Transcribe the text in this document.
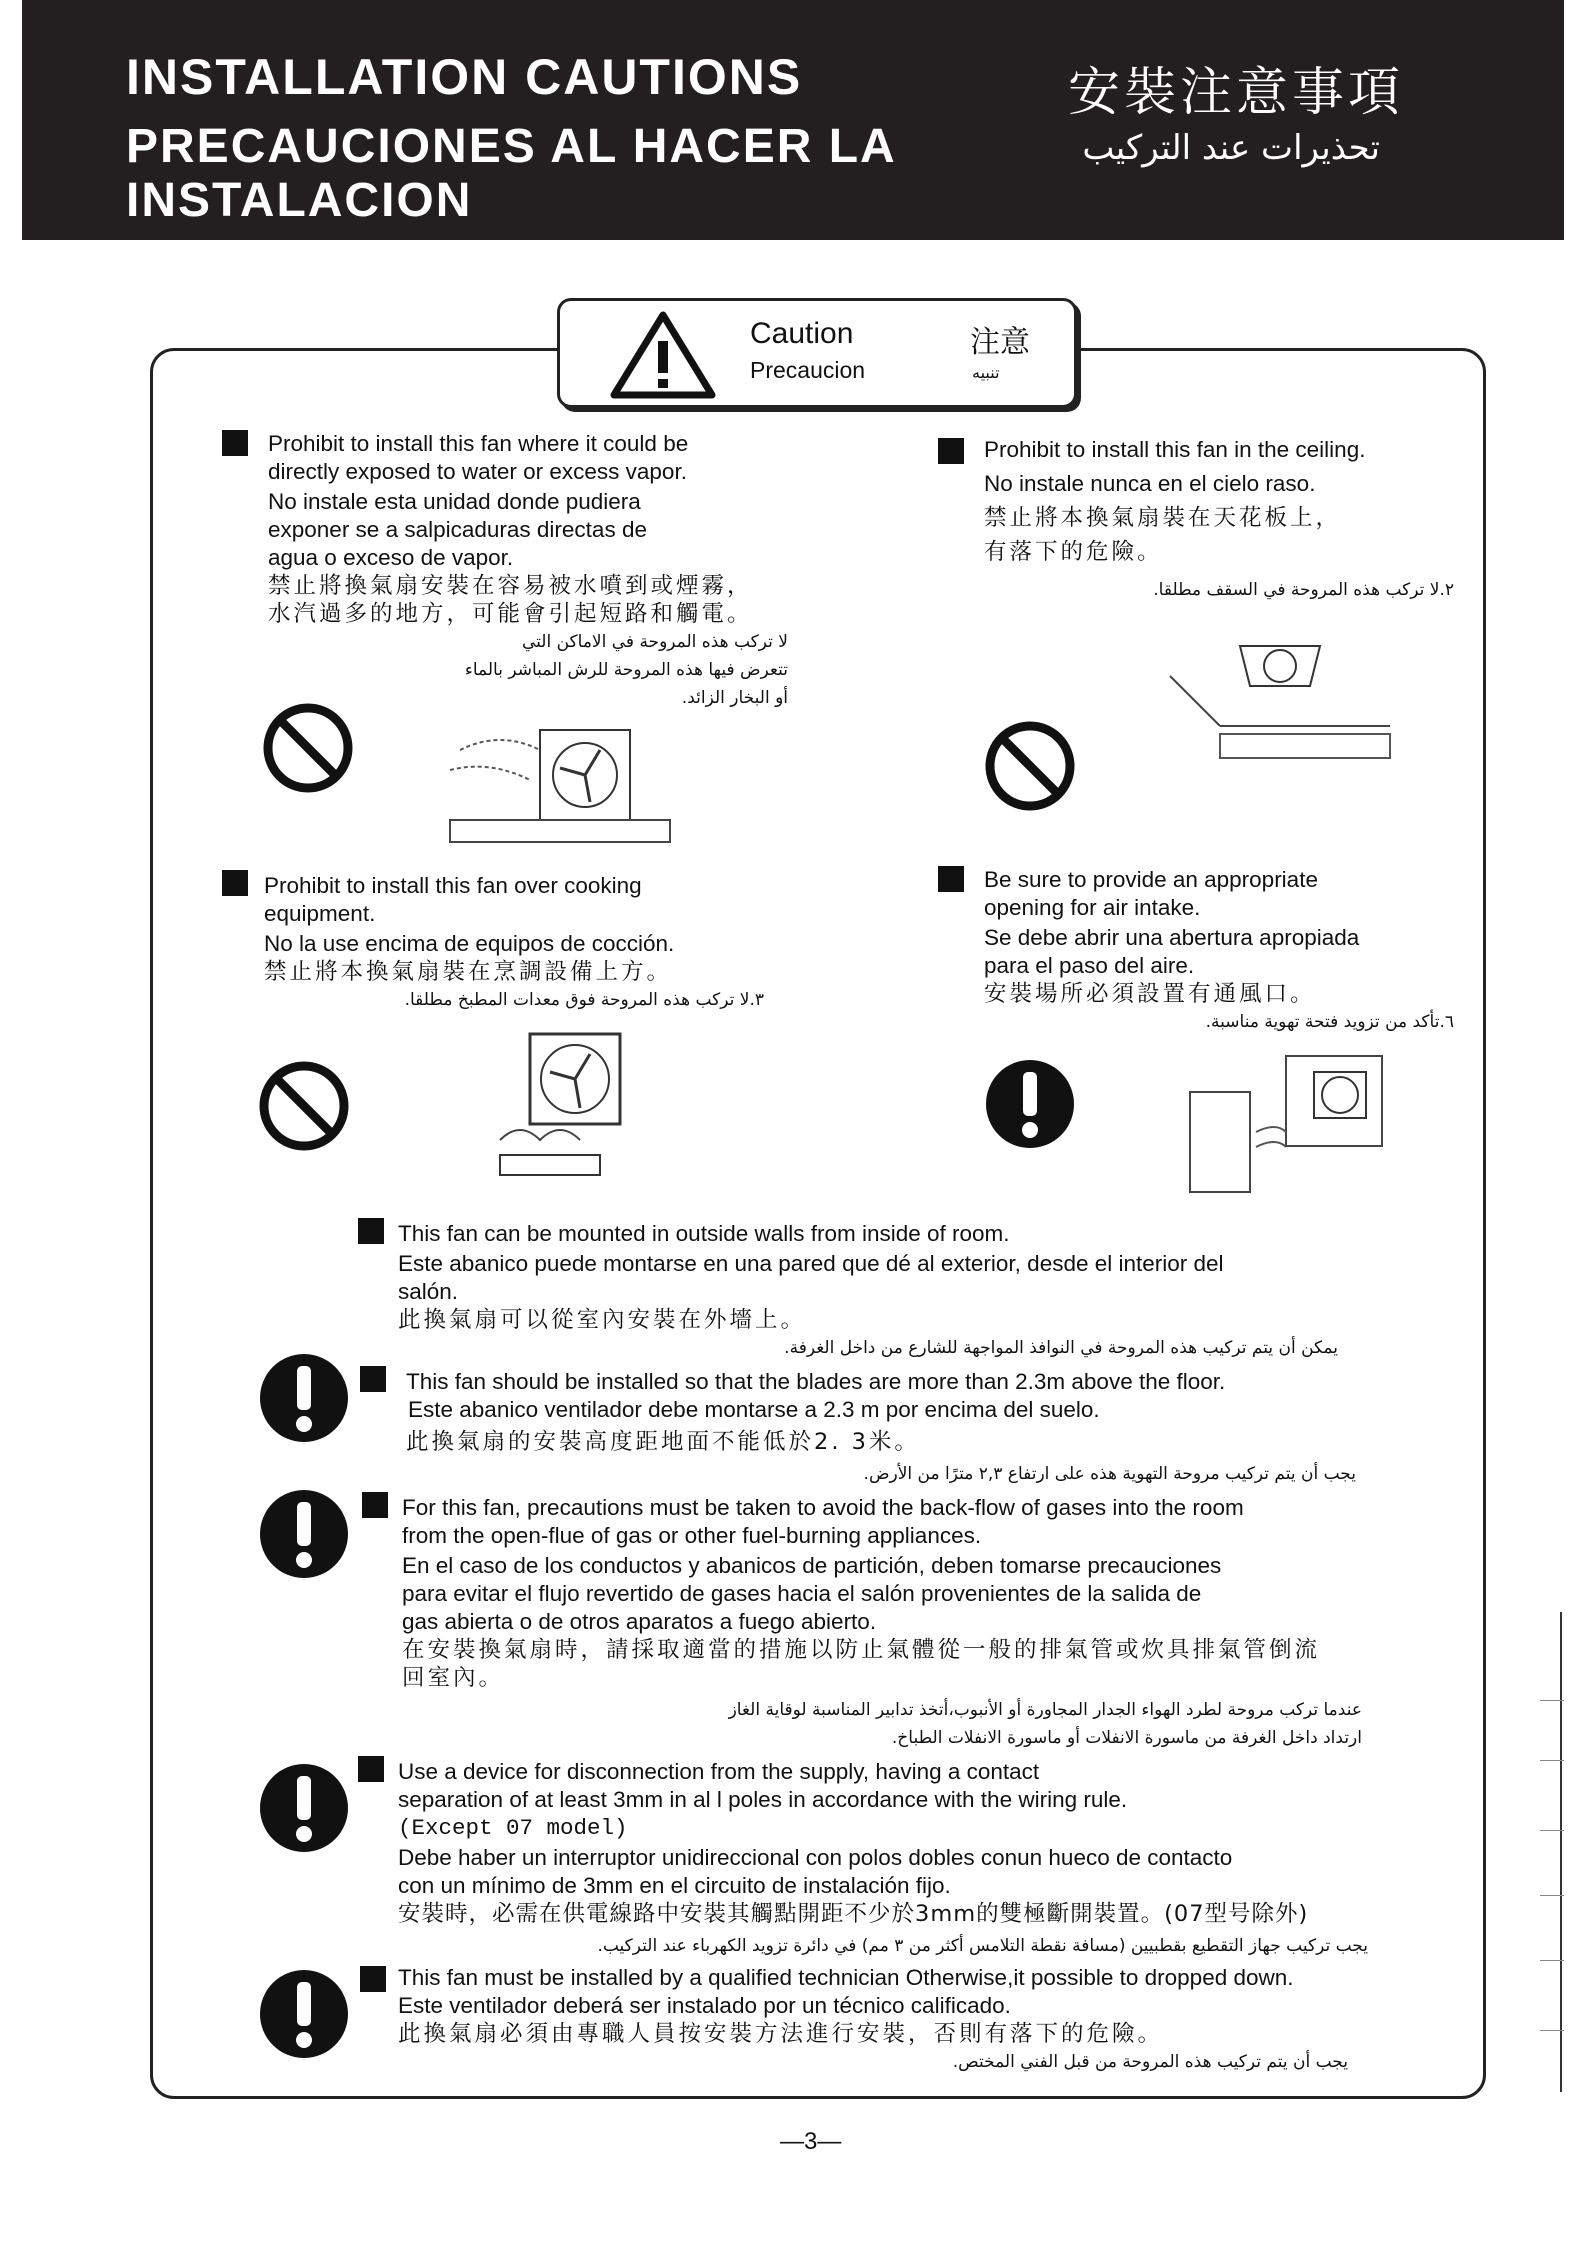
INSTALLATION CAUTIONS
PRECAUCIONES AL HACER LA INSTALACION
安裝注意事項
تحذيرات عند التركيب
Caution
Precaucion
注意
تنبيه
Prohibit to install this fan where it could be
directly exposed to water or excess vapor.
No instale esta unidad donde pudiera
exponer se a salpicaduras directas de
agua o exceso de vapor.
禁止將換氣扇安裝在容易被水噴到或煙霧，
水汽過多的地方，可能會引起短路和觸電。
لا تركب هذه المروحة في الاماكن التي
تتعرض فيها هذه المروحة للرش المباشر بالماء
أو البخار الزائد.
Prohibit to install this fan in the ceiling.
No instale nunca en el cielo raso.
禁止將本換氣扇裝在天花板上，
有落下的危險。
٢.لا تركب هذه المروحة في السقف مطلقا.
Prohibit to install this fan over cooking
equipment.
No la use encima de equipos de cocción.
禁止將本換氣扇裝在烹調設備上方。
٣.لا تركب هذه المروحة فوق معدات المطبخ مطلقا.
Be sure to provide an appropriate
opening for air intake.
Se debe abrir una abertura apropiada
para el paso del aire.
安裝場所必須設置有通風口。
٦.تأكد من تزويد فتحة تهوية مناسبة.
This fan can be mounted in outside walls from inside of room.
Este abanico puede montarse en una pared que dé al exterior, desde el interior del
salón.
此換氣扇可以從室內安裝在外墻上。
يمكن أن يتم تركيب هذه المروحة في النوافذ المواجهة للشارع من داخل الغرفة.
This fan should be installed so that the blades are more than 2.3m above the floor.
Este abanico ventilador debe montarse a 2.3 m por encima del suelo.
此換氣扇的安裝高度距地面不能低於2. 3米。
يجب أن يتم تركيب مروحة التهوية هذه على ارتفاع ٢,٣ مترًا من الأرض.
For this fan, precautions must be taken to avoid the back-flow of gases into the room
from the open-flue of gas or other fuel-burning appliances.
En el caso de los conductos y abanicos de partición, deben tomarse precauciones
para evitar el flujo revertido de gases hacia el salón provenientes de la salida de
gas abierta o de otros aparatos a fuego abierto.
在安裝換氣扇時，請採取適當的措施以防止氣體從一般的排氣管或炊具排氣管倒流
回室內。
عندما تركب مروحة لطرد الهواء الجدار المجاورة أو الأنبوب،أتخذ تدابير المناسبة لوقاية الغاز
ارتداد داخل الغرفة من ماسورة الانفلات أو ماسورة الانفلات الطباخ.
Use a device for disconnection from the supply, having a contact
separation of at least 3mm in al l poles in accordance with the wiring rule.
(Except 07 model)
Debe haber un interruptor unidireccional con polos dobles conun hueco de contacto
con un mínimo de 3mm en el circuito de instalación fijo.
安裝時，必需在供電線路中安裝其觸點開距不少於3mm的雙極斷開裝置。(07型号除外)
يجب تركيب جهاز التقطيع بقطبيين (مسافة نقطة التلامس أكثر من ٣ مم) في دائرة تزويد الكهرباء عند التركيب.
This fan must be installed by a qualified technician Otherwise,it possible to dropped down.
Este ventilador deberá ser instalado por un técnico calificado.
此換氣扇必須由專職人員按安裝方法進行安裝，否則有落下的危險。
يجب أن يتم تركيب هذه المروحة من قبل الفني المختص.
—3—
